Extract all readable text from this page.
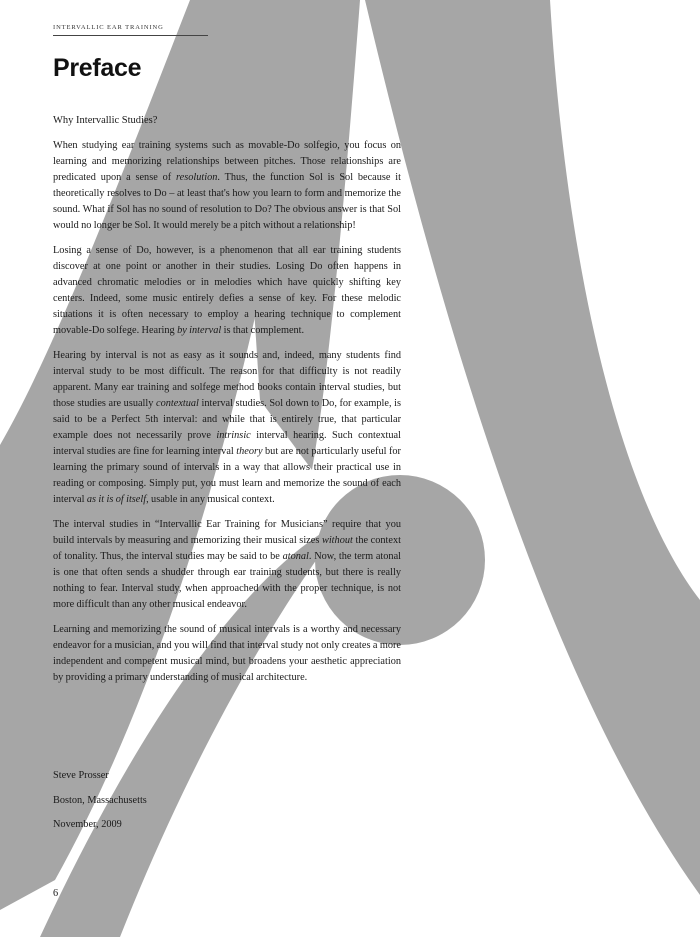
INTERVALLIC EAR TRAINING
Preface
Why Intervallic Studies?

When studying ear training systems such as movable-Do solfegio, you focus on learning and memorizing relationships between pitches. Those relationships are predicated upon a sense of resolution. Thus, the function Sol is Sol because it theoretically resolves to Do – at least that's how you learn to form and memorize the sound. What if Sol has no sound of resolution to Do? The obvious answer is that Sol would no longer be Sol. It would merely be a pitch without a relationship!

Losing a sense of Do, however, is a phenomenon that all ear training students discover at one point or another in their studies. Losing Do often happens in advanced chromatic melodies or in melodies which have quickly shifting key centers. Indeed, some music entirely defies a sense of key. For these melodic situations it is often necessary to employ a hearing technique to complement movable-Do solfege. Hearing by interval is that complement.

Hearing by interval is not as easy as it sounds and, indeed, many students find interval study to be most difficult. The reason for that difficulty is not readily apparent. Many ear training and solfege method books contain interval studies, but those studies are usually contextual interval studies. Sol down to Do, for example, is said to be a Perfect 5th interval: and while that is entirely true, that particular example does not necessarily prove intrinsic interval hearing. Such contextual interval studies are fine for learning interval theory but are not particularly useful for learning the primary sound of intervals in a way that allows their practical use in reading or composing. Simply put, you must learn and memorize the sound of each interval as it is of itself, usable in any musical context.

The interval studies in “Intervallic Ear Training for Musicians” require that you build intervals by measuring and memorizing their musical sizes without the context of tonality. Thus, the interval studies may be said to be atonal. Now, the term atonal is one that often sends a shudder through ear training students, but there is really nothing to fear. Interval study, when approached with the proper technique, is not more difficult than any other musical endeavor.

Learning and memorizing the sound of musical intervals is a worthy and necessary endeavor for a musician, and you will find that interval study not only creates a more independent and competent musical mind, but broadens your aesthetic appreciation by providing a primary understanding of musical architecture.

Steve Prosser
Boston, Massachusetts
November, 2009
6
